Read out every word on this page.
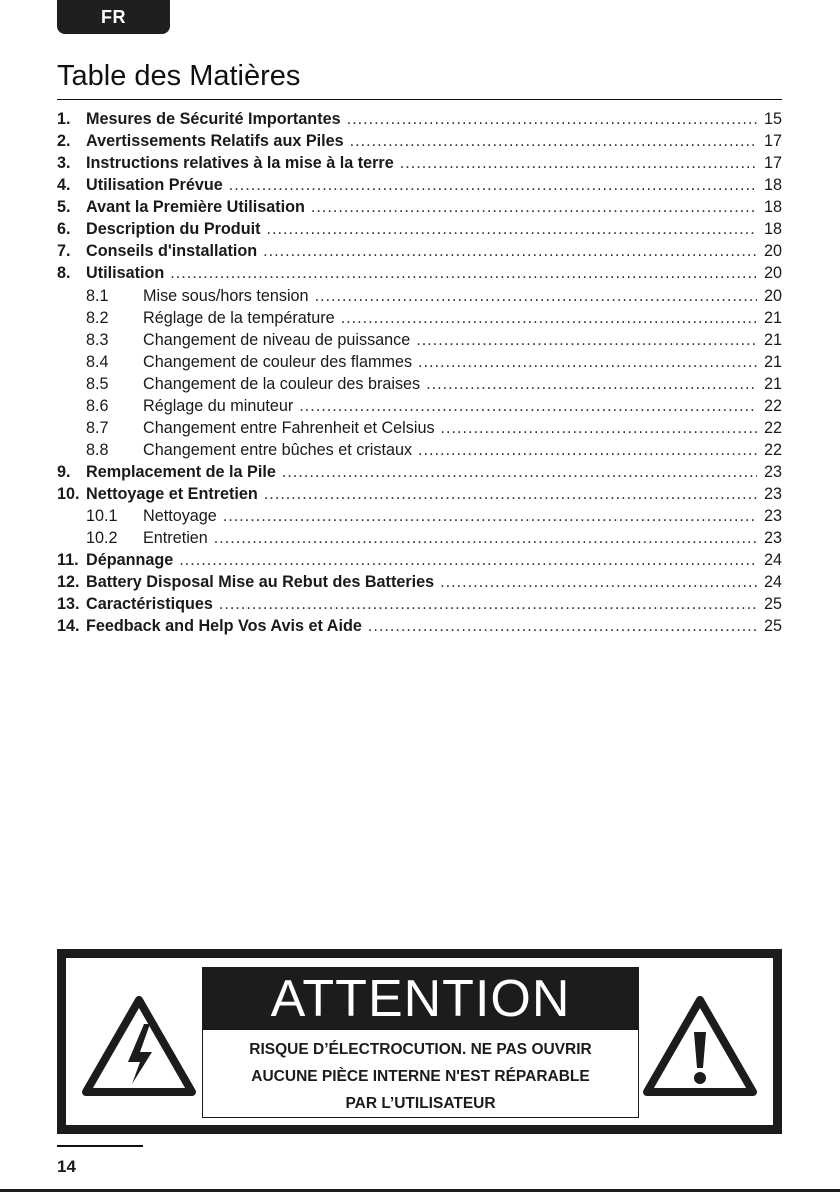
FR
Table des Matières
1. Mesures de Sécurité Importantes .....	15
2. Avertissements Relatifs aux Piles .....	17
3. Instructions relatives à la mise à la terre .....	17
4. Utilisation Prévue .....	18
5. Avant la Première Utilisation .....	18
6. Description du Produit .....	18
7. Conseils d'installation .....	20
8. Utilisation .....	20
8.1	Mise sous/hors tension .....	20
8.2	Réglage de la température .....	21
8.3	Changement de niveau de puissance .....	21
8.4	Changement de couleur des flammes .....	21
8.5	Changement de la couleur des braises .....	21
8.6	Réglage du minuteur .....	22
8.7	Changement entre Fahrenheit et Celsius .....	22
8.8	Changement entre bûches et cristaux .....	22
9. Remplacement de la Pile .....	23
10. Nettoyage et Entretien .....	23
10.1	Nettoyage .....	23
10.2	Entretien .....	23
11. Dépannage .....	24
12. Battery Disposal Mise au Rebut des Batteries .....	24
13. Caractéristiques .....	25
14. Feedback and Help Vos Avis et Aide .....	25
ATTENTION
RISQUE D’ÉLECTROCUTION. NE PAS OUVRIR
AUCUNE PIÈCE INTERNE N'EST RÉPARABLE
PAR L’UTILISATEUR
14
